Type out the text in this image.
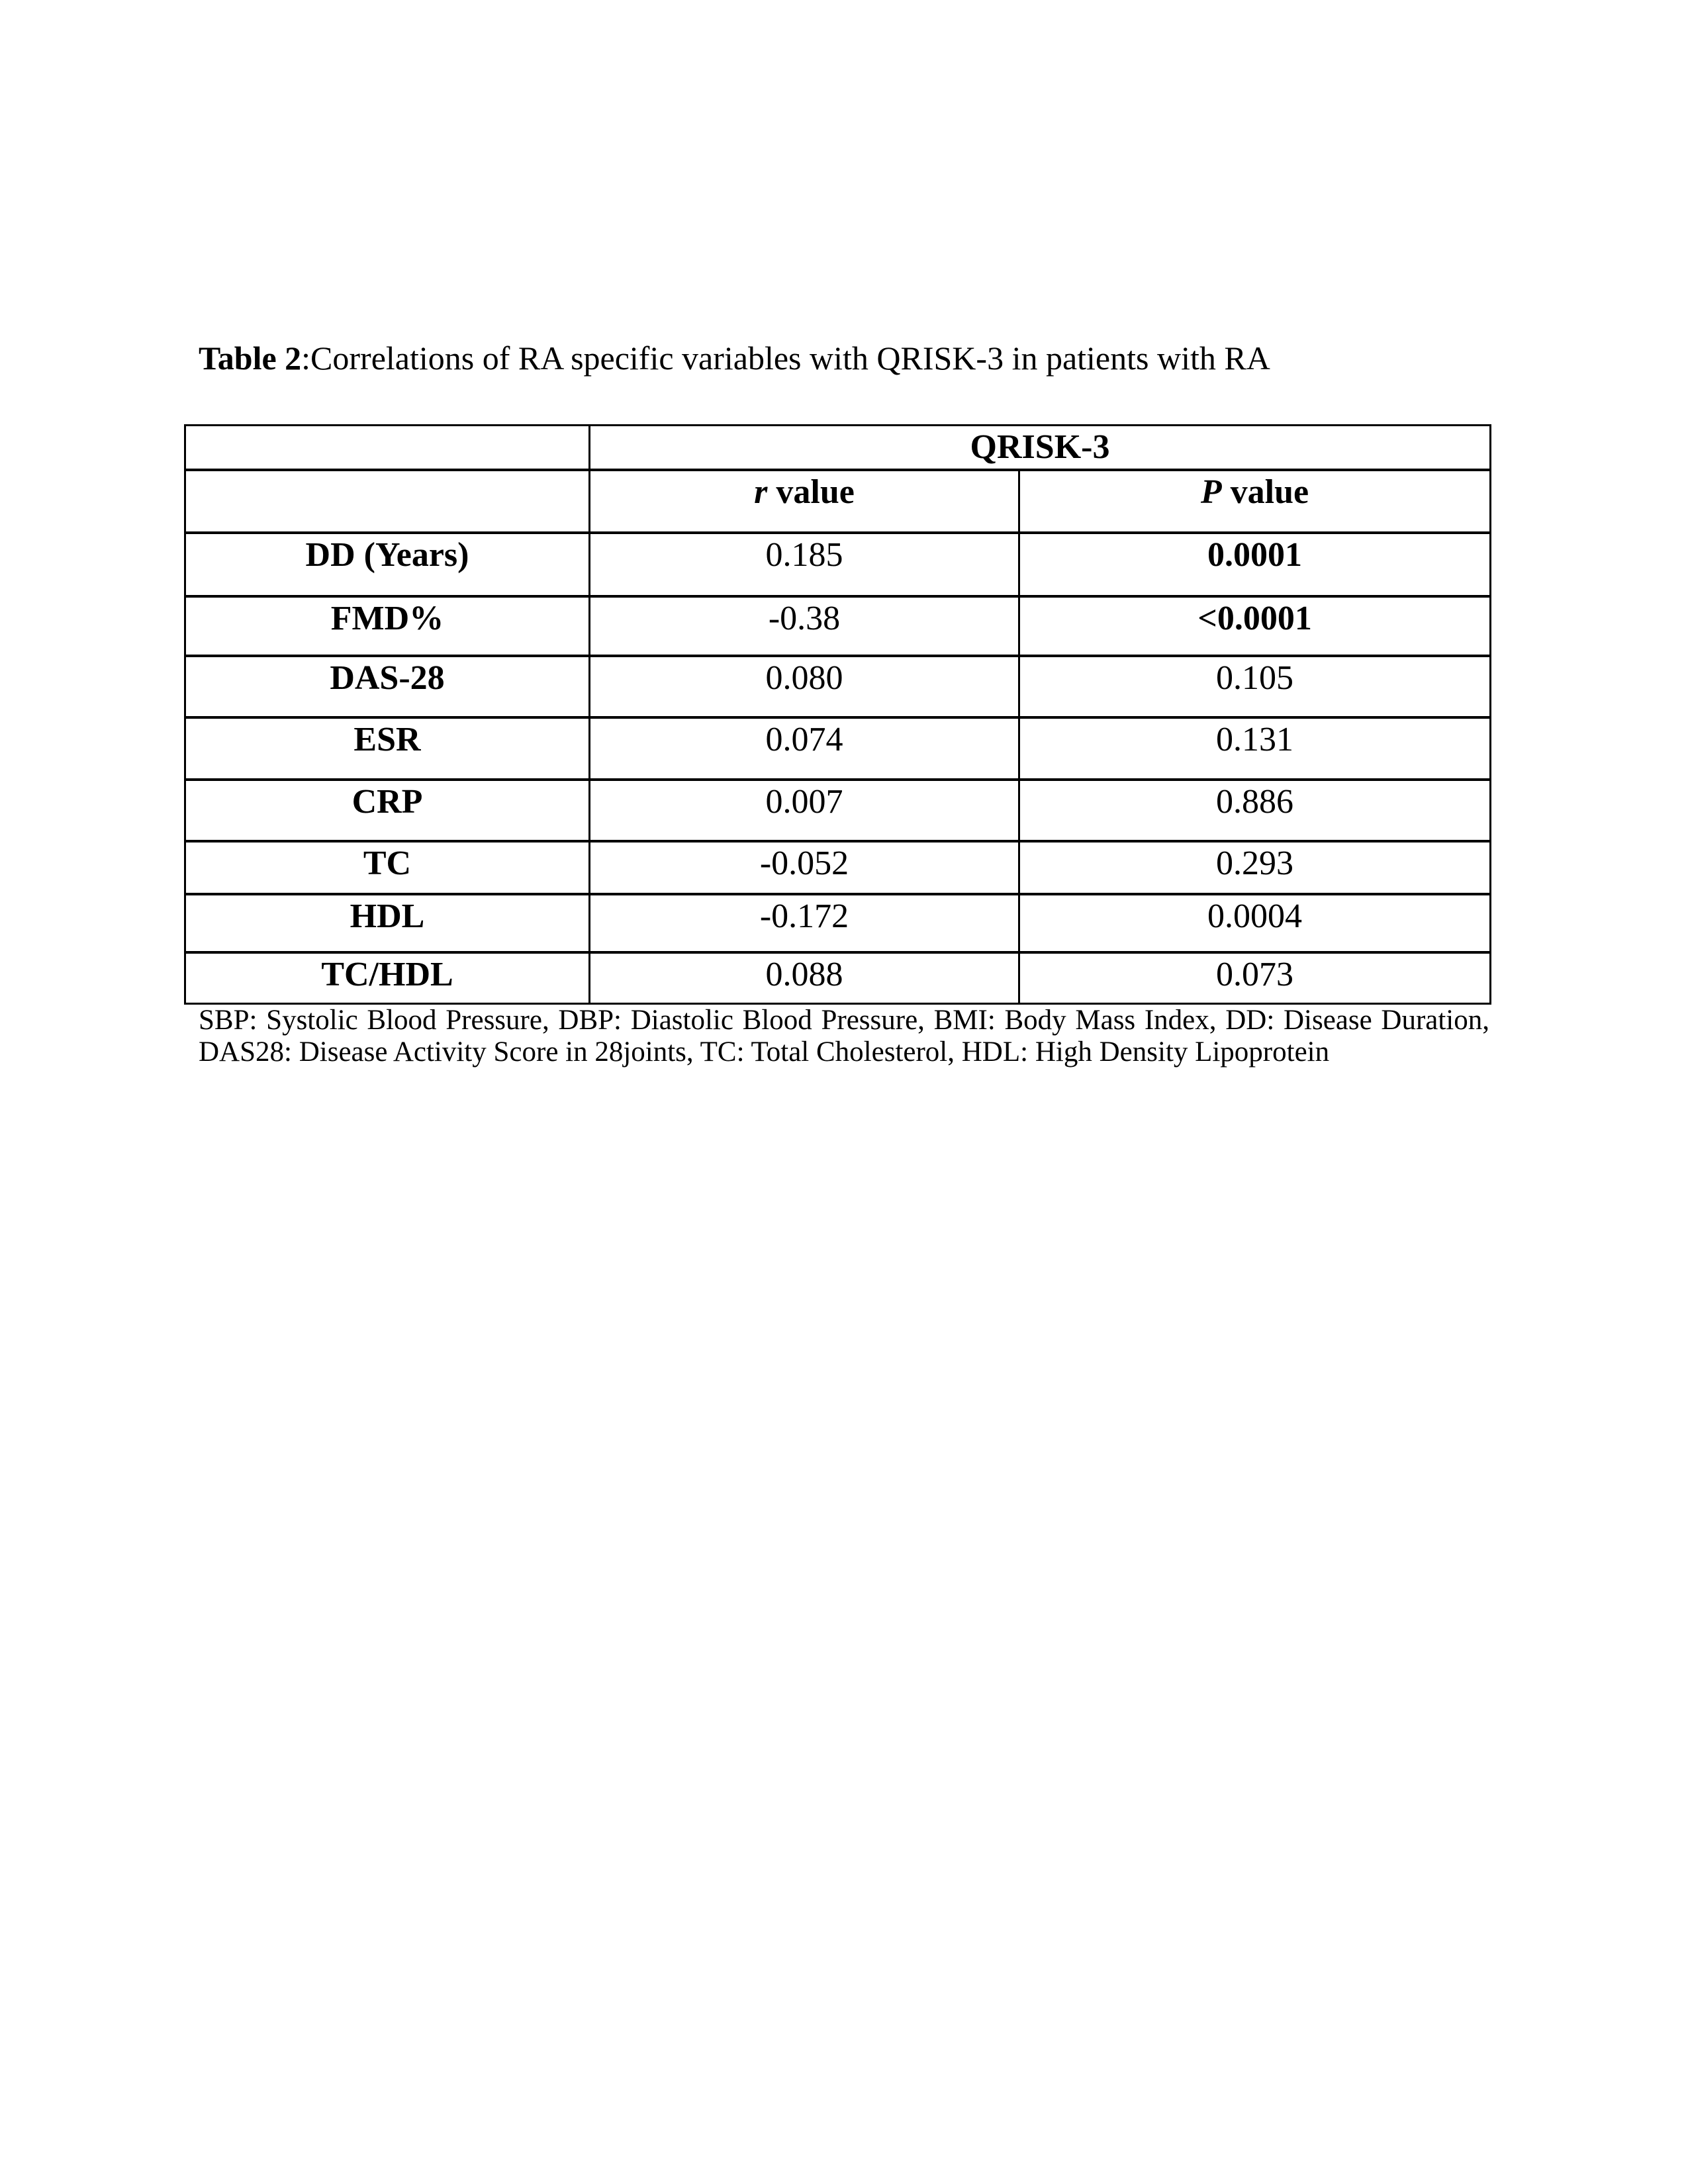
Table 2:Correlations of RA specific variables with QRISK-3 in patients with RA

	QRISK-3	
	r value	P value
DD (Years)	0.185	0.0001
FMD%	-0.38	<0.0001
DAS-28	0.080	0.105
ESR	0.074	0.131
CRP	0.007	0.886
TC	-0.052	0.293
HDL	-0.172	0.0004
TC/HDL	0.088	0.073
SBP: Systolic Blood Pressure, DBP: Diastolic Blood Pressure, BMI: Body Mass Index, DD: Disease Duration,
DAS28: Disease Activity Score in 28joints, TC: Total Cholesterol, HDL: High Density Lipoprotein
